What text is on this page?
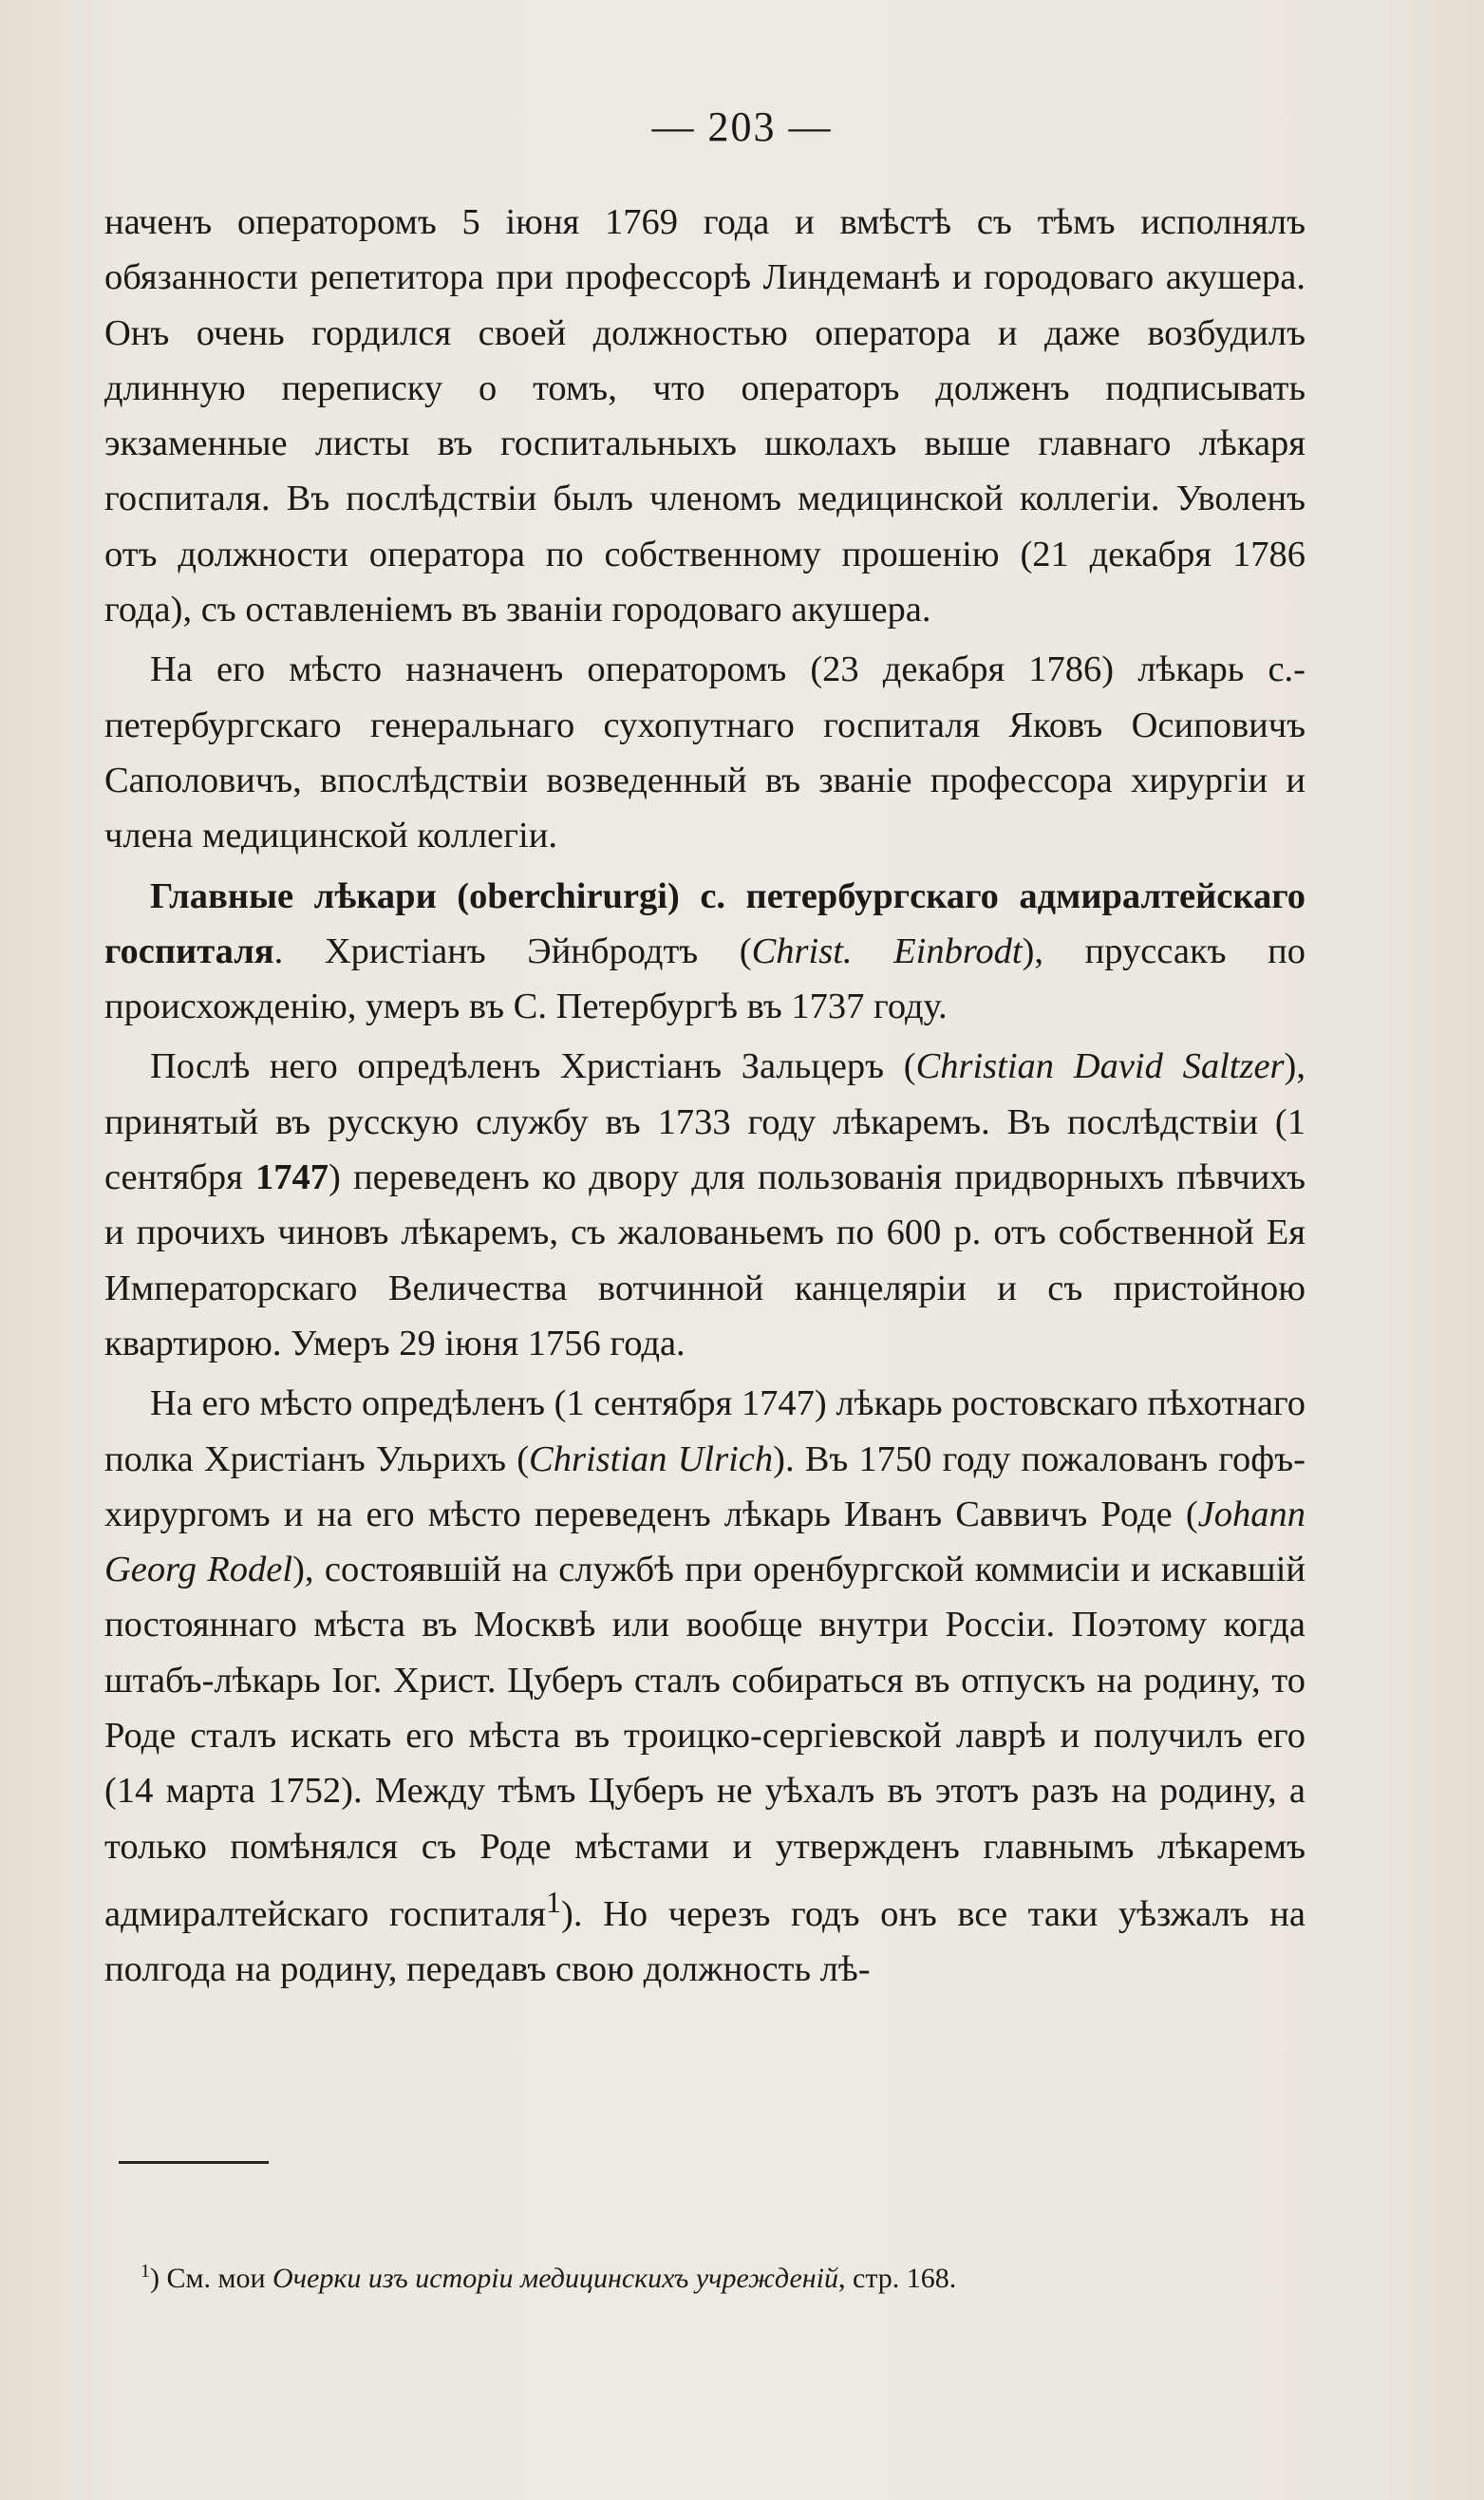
— 203 —

наченъ операторомъ 5 іюня 1769 года и вмѣстѣ съ тѣмъ исполнялъ обязанности репетитора при профессорѣ Линдеманѣ и городоваго акушера. Онъ очень гордился своей должностью оператора и даже возбудилъ длинную переписку о томъ, что операторъ долженъ подписывать экзаменные листы въ госпитальныхъ школахъ выше главнаго лѣкаря госпиталя. Въ послѣдствіи былъ членомъ медицинской коллегіи. Уволенъ отъ должности оператора по собственному прошенію (21 декабря 1786 года), съ оставленіемъ въ званіи городоваго акушера.

На его мѣсто назначенъ операторомъ (23 декабря 1786) лѣкарь с.-петербургскаго генеральнаго сухопутнаго госпиталя Яковъ Осиповичъ Саполовичъ, впослѣдствіи возведенный въ званіе профессора хирургіи и члена медицинской коллегіи.

Главные лѣкари (oberchirurgi) с. петербургскаго адмиралтейскаго госпиталя. Христіанъ Эйнбродтъ (Christ. Einbrodt), пруссакъ по происхожденію, умеръ въ С. Петербургѣ въ 1737 году.

Послѣ него опредѣленъ Христіанъ Зальцеръ (Christian David Saltzer), принятый въ русскую службу въ 1733 году лѣкаремъ. Въ послѣдствіи (1 сентября 1747) переведенъ ко двору для пользованія придворныхъ пѣвчихъ и прочихъ чиновъ лѣкаремъ, съ жалованьемъ по 600 р. отъ собственной Ея Императорскаго Величества вотчинной канцеляріи и съ пристойною квартирою. Умеръ 29 іюня 1756 года.

На его мѣсто опредѣленъ (1 сентября 1747) лѣкарь ростовскаго пѣхотнаго полка Христіанъ Ульрихъ (Christian Ulrich). Въ 1750 году пожалованъ гофъ-хирургомъ и на его мѣсто переведенъ лѣкарь Иванъ Саввичъ Роде (Johann Georg Rodel), состоявшій на службѣ при оренбургской коммисіи и искавшій постояннаго мѣста въ Москвѣ или вообще внутри Россіи. Поэтому когда штабъ-лѣкарь Іог. Христ. Цуберъ сталъ собираться въ отпускъ на родину, то Роде сталъ искать его мѣста въ троицко-сергіевской лаврѣ и получилъ его (14 марта 1752). Между тѣмъ Цуберъ не уѣхалъ въ этотъ разъ на родину, а только помѣнялся съ Роде мѣстами и утвержденъ главнымъ лѣкаремъ адмиралтейскаго госпиталя$^1$). Но черезъ годъ онъ все таки уѣзжалъ на полгода на родину, передавъ свою должность лѣ-

$^1$) См. мои Очерки изъ исторіи медицинскихъ учрежденій, стр. 168.
